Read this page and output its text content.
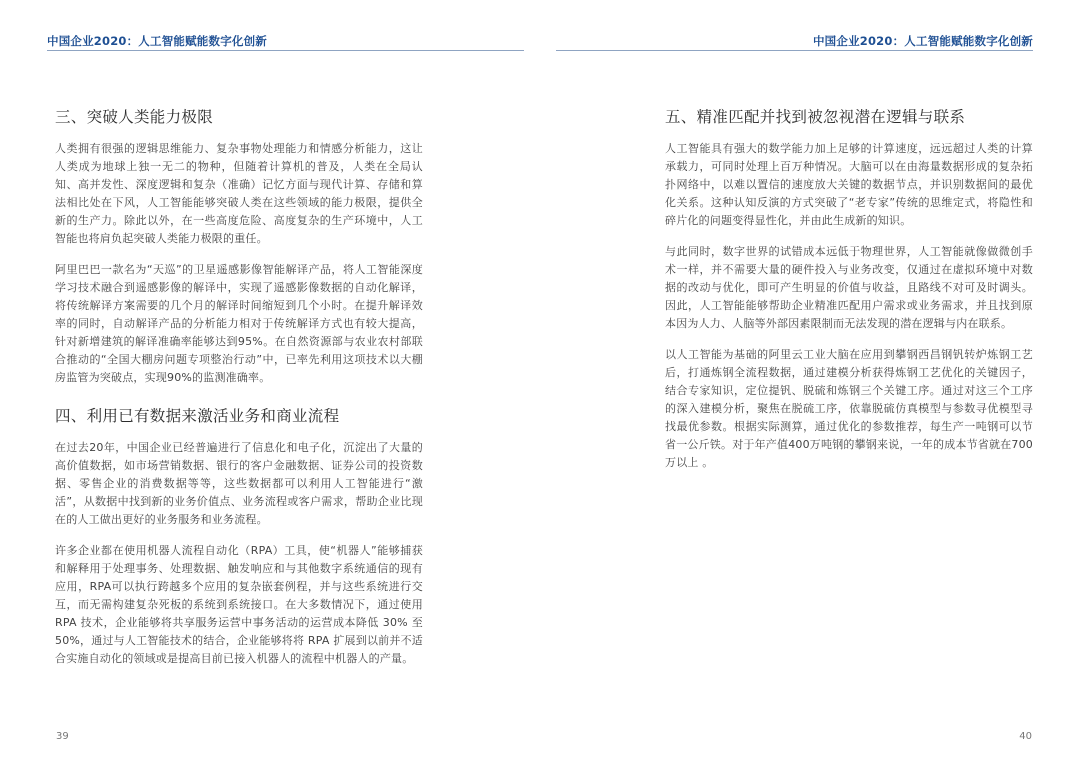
中国企业2020：人工智能赋能数字化创新
三、突破人类能力极限

人类拥有很强的逻辑思维能力、复杂事物处理能力和情感分析能力，这让人类成为地球上独一无二的物种，但随着计算机的普及，人类在全局认知、高并发性、深度逻辑和复杂（准确）记忆方面与现代计算、存储和算法相比处在下风，人工智能能够突破人类在这些领域的能力极限，提供全新的生产力。除此以外，在一些高度危险、高度复杂的生产环境中，人工智能也将肩负起突破人类能力极限的重任。

阿里巴巴一款名为“天巡”的卫星遥感影像智能解译产品，将人工智能深度学习技术融合到遥感影像的解译中，实现了遥感影像数据的自动化解译，将传统解译方案需要的几个月的解译时间缩短到几个小时。在提升解译效率的同时，自动解译产品的分析能力相对于传统解译方式也有较大提高，针对新增建筑的解译准确率能够达到95%。在自然资源部与农业农村部联合推动的“全国大棚房问题专项整治行动”中，已率先利用这项技术以大棚房监管为突破点，实现90%的监测准确率。

四、利用已有数据来激活业务和商业流程

在过去20年，中国企业已经普遍进行了信息化和电子化，沉淀出了大量的高价值数据，如市场营销数据、银行的客户金融数据、证券公司的投资数据、零售企业的消费数据等等，这些数据都可以利用人工智能进行“激活”，从数据中找到新的业务价值点、业务流程或客户需求，帮助企业比现在的人工做出更好的业务服务和业务流程。

许多企业都在使用机器人流程自动化（RPA）工具，使“机器人”能够捕获和解释用于处理事务、处理数据、触发响应和与其他数字系统通信的现有应用，RPA可以执行跨越多个应用的复杂嵌套例程，并与这些系统进行交互，而无需构建复杂死板的系统到系统接口。在大多数情况下，通过使用 RPA 技术，企业能够将共享服务运营中事务活动的运营成本降低 30% 至 50%，通过与人工智能技术的结合，企业能够将将 RPA 扩展到以前并不适合实施自动化的领域或是提高目前已接入机器人的流程中机器人的产量。

39
中国企业2020：人工智能赋能数字化创新
五、精准匹配并找到被忽视潜在逻辑与联系

人工智能具有强大的数学能力加上足够的计算速度，远远超过人类的计算承载力，可同时处理上百万种情况。大脑可以在由海量数据形成的复杂拓扑网络中，以难以置信的速度放大关键的数据节点，并识别数据间的最优化关系。这种认知反演的方式突破了“老专家”传统的思维定式，将隐性和碎片化的问题变得显性化，并由此生成新的知识。

与此同时，数字世界的试错成本远低于物理世界，人工智能就像做微创手术一样，并不需要大量的硬件投入与业务改变，仅通过在虚拟环境中对数据的改动与优化，即可产生明显的价值与收益，且路线不对可及时调头。因此，人工智能能够帮助企业精准匹配用户需求或业务需求，并且找到原本因为人力、人脑等外部因素限制而无法发现的潜在逻辑与内在联系。

以人工智能为基础的阿里云工业大脑在应用到攀钢西昌钢钒转炉炼钢工艺后，打通炼钢全流程数据，通过建模分析获得炼钢工艺优化的关键因子，结合专家知识，定位提钒、脱硫和炼钢三个关键工序。通过对这三个工序的深入建模分析，聚焦在脱硫工序，依靠脱硫仿真模型与参数寻优模型寻找最优参数。根据实际测算，通过优化的参数推荐，每生产一吨钢可以节省一公斤铁。对于年产值400万吨钢的攀钢来说，一年的成本节省就在700万以上 。

40
